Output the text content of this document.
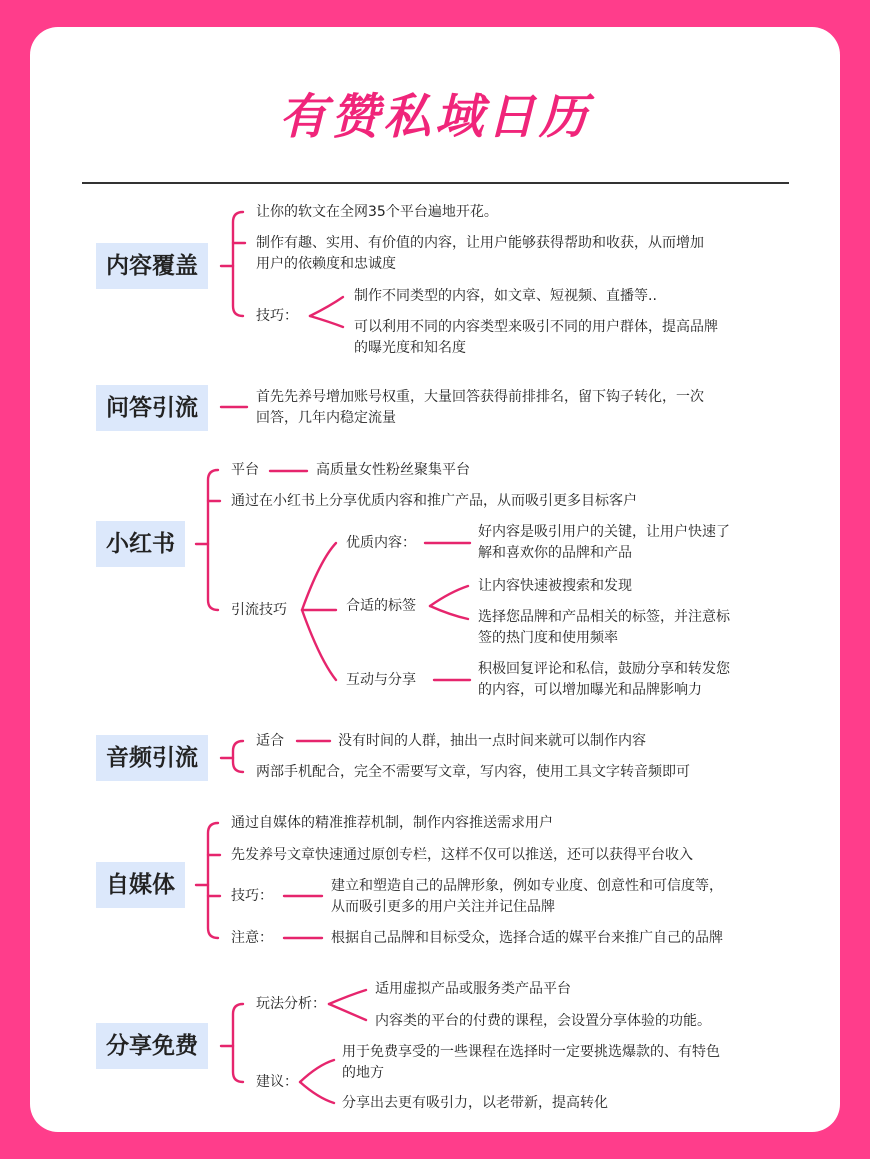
有赞私域日历
内容覆盖
让你的软文在全网35个平台遍地开花。
制作有趣、实用、有价值的内容，让用户能够获得帮助和收获，从而增加
用户的依赖度和忠诚度
技巧：
制作不同类型的内容，如文章、短视频、直播等..
可以利用不同的内容类型来吸引不同的用户群体，提高品牌
的曝光度和知名度
问答引流	首先先养号增加账号权重，大量回答获得前排排名，留下钩子转化，一次
回答，几年内稳定流量
小红书
平台	高质量女性粉丝聚集平台
通过在小红书上分享优质内容和推广产品，从而吸引更多目标客户
引流技巧
优质内容：
好内容是吸引用户的关键，让用户快速了
解和喜欢你的品牌和产品
合适的标签
让内容快速被搜索和发现
选择您品牌和产品相关的标签，并注意标
签的热门度和使用频率
互动与分享
积极回复评论和私信，鼓励分享和转发您
的内容，可以增加曝光和品牌影响力
音频引流
适合	没有时间的人群，抽出一点时间来就可以制作内容
两部手机配合，完全不需要写文章，写内容，使用工具文字转音频即可
自媒体
通过自媒体的精准推荐机制，制作内容推送需求用户
先发养号文章快速通过原创专栏，这样不仅可以推送，还可以获得平台收入
技巧：
建立和塑造自己的品牌形象，例如专业度、创意性和可信度等，
从而吸引更多的用户关注并记住品牌
注意：	根据自己品牌和目标受众，选择合适的媒平台来推广自己的品牌
分享免费
玩法分析：
适用虚拟产品或服务类产品平台
内容类的平台的付费的课程，会设置分享体验的功能。
建议：
用于免费享受的一些课程在选择时一定要挑选爆款的、有特色
的地方
分享出去更有吸引力，以老带新，提高转化
